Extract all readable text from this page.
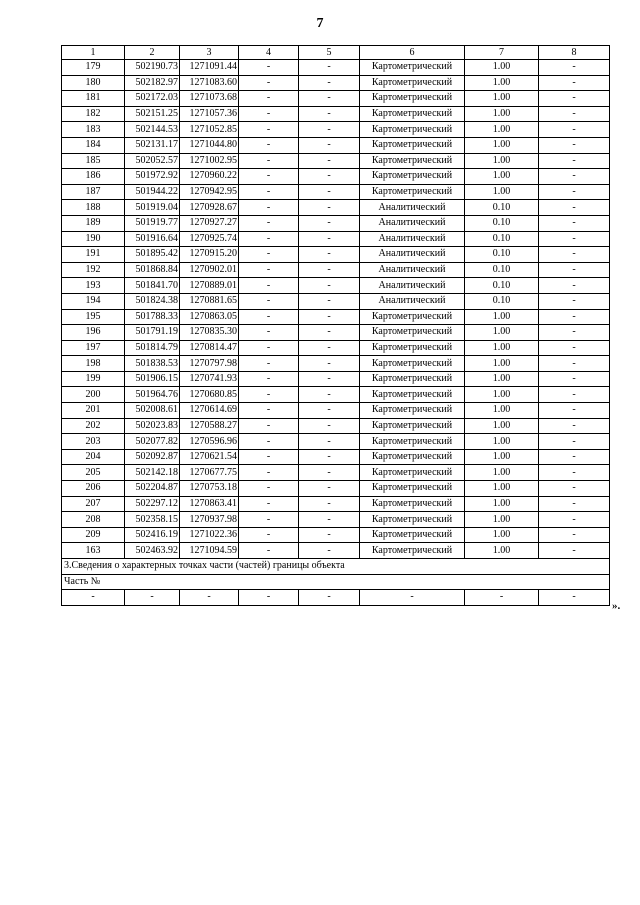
7
1	2	3	4	5	6	7	8
179	502190.73	1271091.44	-	-	Картометрический	1.00	-
180	502182.97	1271083.60	-	-	Картометрический	1.00	-
181	502172.03	1271073.68	-	-	Картометрический	1.00	-
182	502151.25	1271057.36	-	-	Картометрический	1.00	-
183	502144.53	1271052.85	-	-	Картометрический	1.00	-
184	502131.17	1271044.80	-	-	Картометрический	1.00	-
185	502052.57	1271002.95	-	-	Картометрический	1.00	-
186	501972.92	1270960.22	-	-	Картометрический	1.00	-
187	501944.22	1270942.95	-	-	Картометрический	1.00	-
188	501919.04	1270928.67	-	-	Аналитический	0.10	-
189	501919.77	1270927.27	-	-	Аналитический	0.10	-
190	501916.64	1270925.74	-	-	Аналитический	0.10	-
191	501895.42	1270915.20	-	-	Аналитический	0.10	-
192	501868.84	1270902.01	-	-	Аналитический	0.10	-
193	501841.70	1270889.01	-	-	Аналитический	0.10	-
194	501824.38	1270881.65	-	-	Аналитический	0.10	-
195	501788.33	1270863.05	-	-	Картометрический	1.00	-
196	501791.19	1270835.30	-	-	Картометрический	1.00	-
197	501814.79	1270814.47	-	-	Картометрический	1.00	-
198	501838.53	1270797.98	-	-	Картометрический	1.00	-
199	501906.15	1270741.93	-	-	Картометрический	1.00	-
200	501964.76	1270680.85	-	-	Картометрический	1.00	-
201	502008.61	1270614.69	-	-	Картометрический	1.00	-
202	502023.83	1270588.27	-	-	Картометрический	1.00	-
203	502077.82	1270596.96	-	-	Картометрический	1.00	-
204	502092.87	1270621.54	-	-	Картометрический	1.00	-
205	502142.18	1270677.75	-	-	Картометрический	1.00	-
206	502204.87	1270753.18	-	-	Картометрический	1.00	-
207	502297.12	1270863.41	-	-	Картометрический	1.00	-
208	502358.15	1270937.98	-	-	Картометрический	1.00	-
209	502416.19	1271022.36	-	-	Картометрический	1.00	-
163	502463.92	1271094.59	-	-	Картометрический	1.00	-
3.Сведения о характерных точках части (частей) границы объекта							
Часть №							
-	-	-	-	-	-	-	-
».
